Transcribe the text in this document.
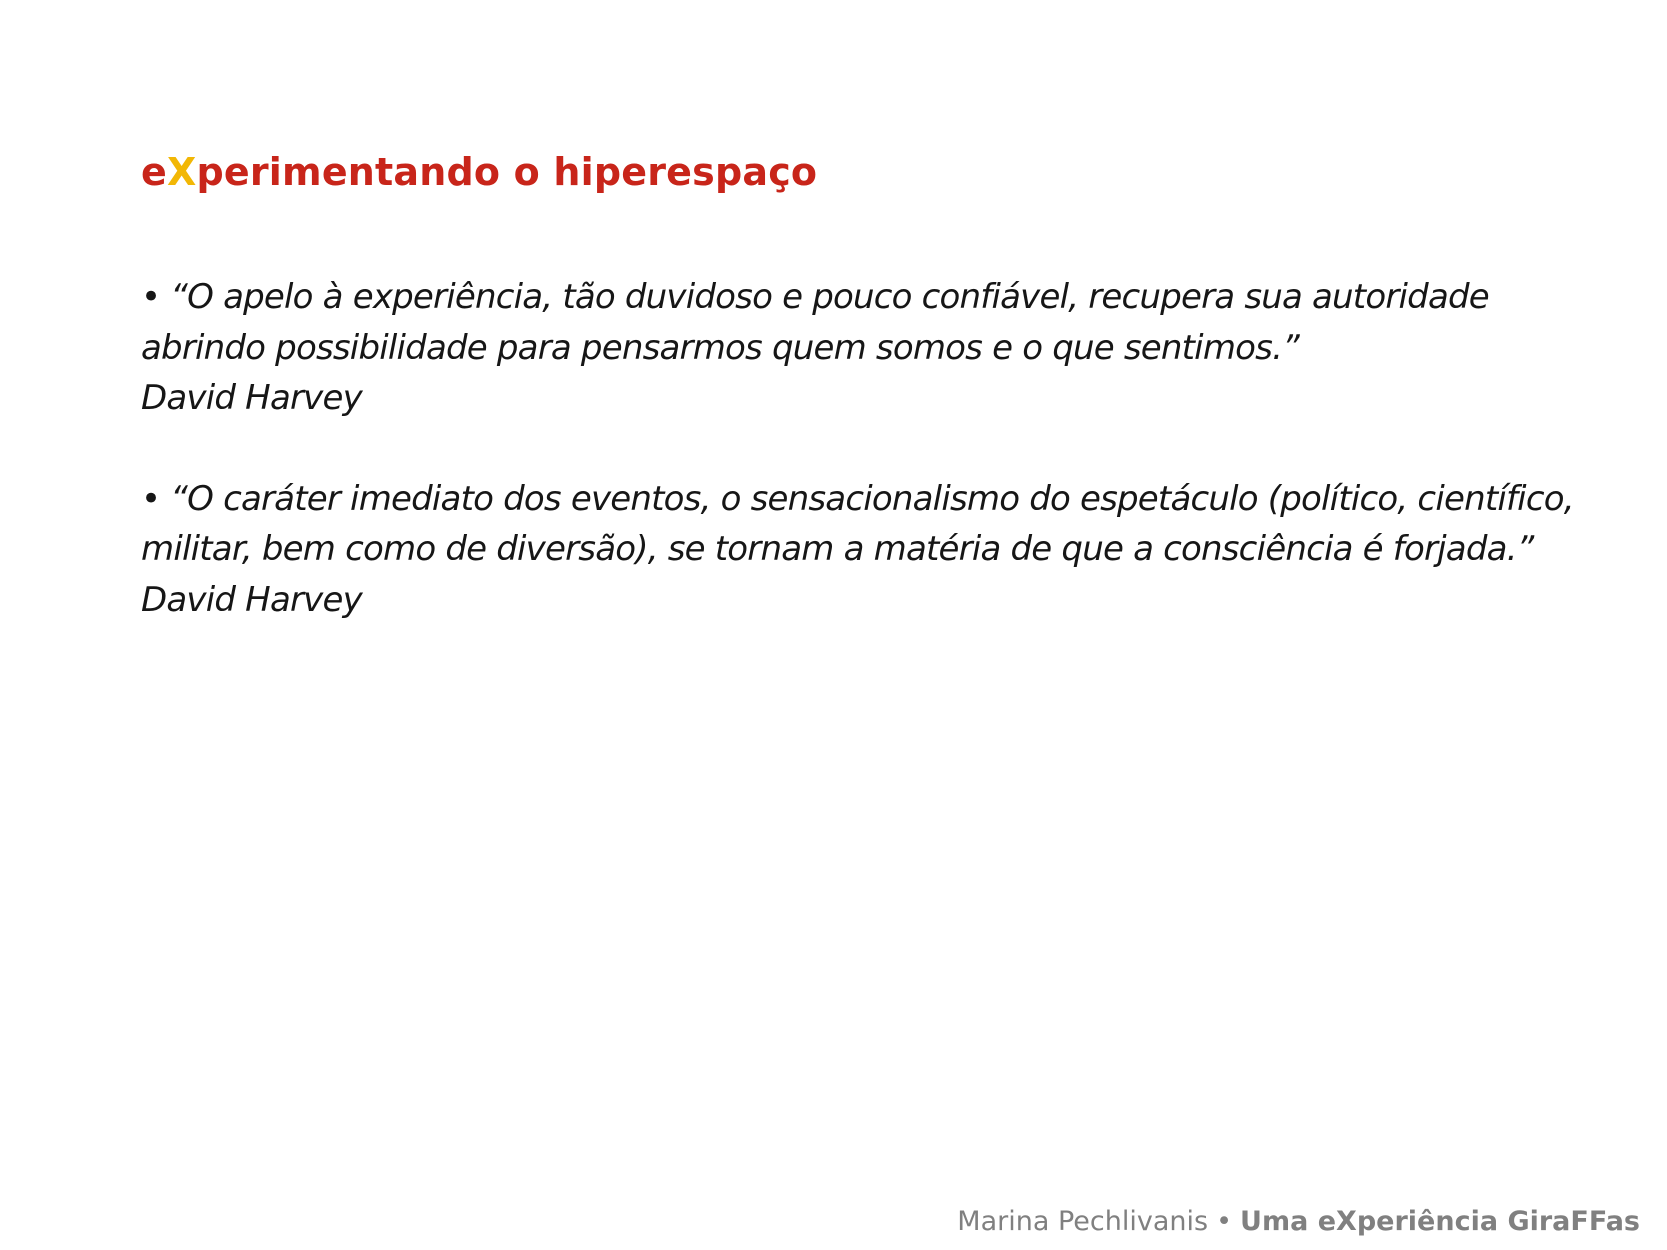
eXperimentando o hiperespaço
• “O apelo à experiência, tão duvidoso e pouco confiável, recupera sua autoridade
abrindo possibilidade para pensarmos quem somos e o que sentimos.”
David Harvey
• “O caráter imediato dos eventos, o sensacionalismo do espetáculo (político, científico,
militar, bem como de diversão), se tornam a matéria de que a consciência é forjada.”
David Harvey
Marina Pechlivanis • Uma eXperiência GiraFFas
